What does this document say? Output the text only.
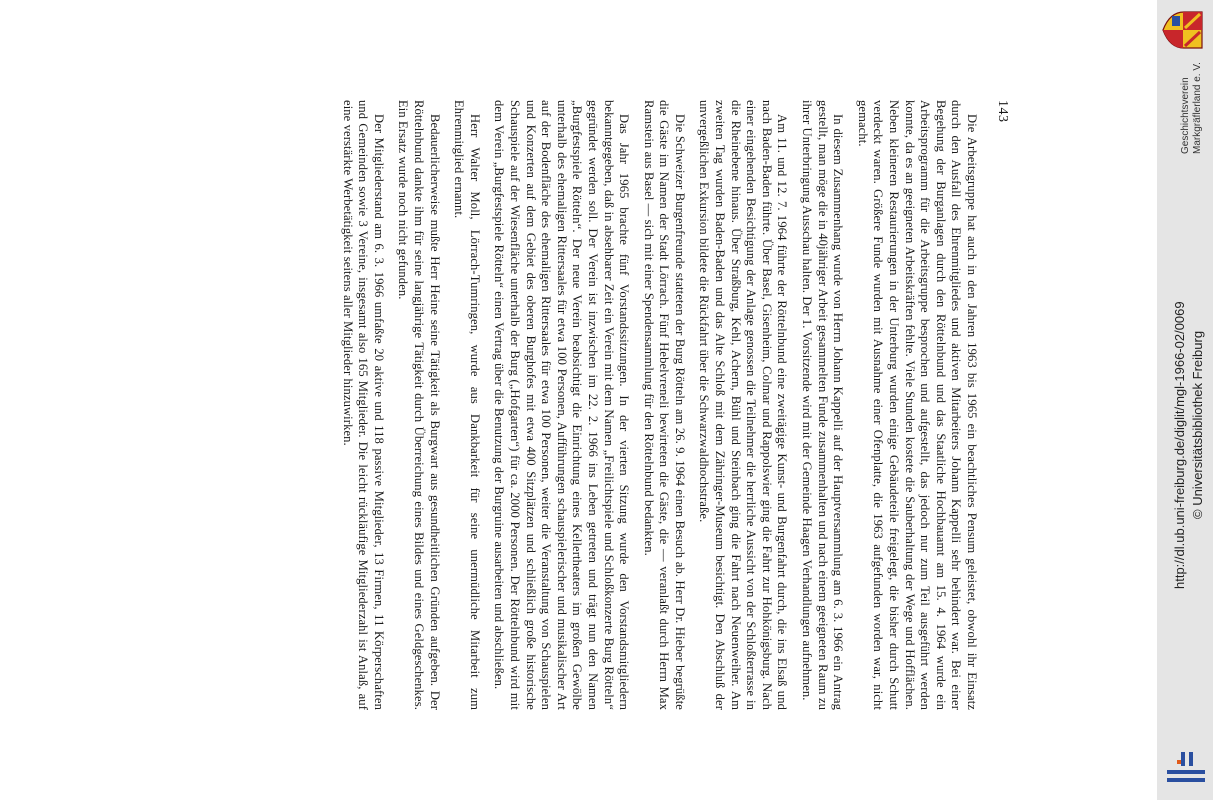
143

Die Arbeitsgruppe hat auch in den Jahren 1963 bis 1965 ein beachtliches Pensum geleistet, obwohl ihr Einsatz durch den Ausfall des Ehrenmitgliedes und aktiven Mitarbeiters Johann Kappelli sehr behindert war. Bei einer Begehung der Burganlagen durch den Röttelnbund und das Staatliche Hochbauamt am 15. 4. 1964 wurde ein Arbeitsprogramm für die Arbeitsgruppe besprochen und aufgestellt, das jedoch nur zum Teil ausgeführt werden konnte, da es an geeigneten Arbeitskräften fehlte. Viele Stunden kostete die Sauberhaltung der Wege und Hofflächen. Neben kleineren Restaurierungen in der Unterburg wurden einige Gebäudeteile freigelegt, die bisher durch Schutt verdeckt waren. Größere Funde wurden mit Ausnahme einer Ofenplatte, die 1963 aufgefunden worden war, nicht gemacht.

In diesem Zusammenhang wurde von Herrn Johann Kappelli auf der Hauptversammlung am 6. 3. 1966 ein Antrag gestellt, man möge die in 40jähriger Arbeit gesammelten Funde zusammenhalten und nach einem geeigneten Raum zu ihrer Unterbringung Ausschau halten. Der 1. Vorsitzende wird mit der Gemeinde Haagen Verhandlungen aufnehmen.

Am 11. und 12. 7. 1964 führte der Röttelnbund eine zweitägige Kunst- und Burgenfahrt durch, die ins Elsaß und nach Baden-Baden führte. Über Basel, Gisenheim, Colmar und Rappolswier ging die Fahrt zur Hohkönigsburg. Nach einer eingehenden Besichtigung der Anlage genossen die Teilnehmer die herrliche Aussicht von der Schloßterrasse in die Rheinebene hinaus. Über Straßburg, Kehl, Achern, Bühl und Steinbach ging die Fahrt nach Neuenweiher. Am zweiten Tag wurden Baden-Baden und das Alte Schloß mit dem Zähringer-Museum besichtigt. Den Abschluß der unvergeßlichen Exkursion bildete die Rückfahrt über die Schwarzwaldhochstraße.

Die Schweizer Burgenfreunde statteten der Burg Rötteln am 26. 9. 1964 einen Besuch ab. Herr Dr. Hieber begrüßte die Gäste im Namen der Stadt Lörrach. Fünf Hebelvreneli bewirteten die Gäste, die — veranlaßt durch Herrn Max Ramstein aus Basel — sich mit einer Spendensammlung für den Röttelnbund bedankten.

Das Jahr 1965 brachte fünf Vorstandssitzungen. In der vierten Sitzung wurde den Vorstandsmitgliedern bekanntgegeben, daß in absehbarer Zeit ein Verein mit dem Namen „Freilichtspiele und Schloßkonzerte Burg Rötteln“ gegründet werden soll. Der Verein ist inzwischen im 22. 2. 1966 ins Leben getreten und trägt nun den Namen „Burgfestspiele Rötteln“. Der neue Verein beabsichtigt die Einrichtung eines Kellertheaters im großen Gewölbe unterhalb des ehemaligen Rittersaales für etwa 100 Personen, Aufführungen schauspielerischer und musikalischer Art auf der Bodenfläche des ehemaligen Rittersaales für etwa 100 Personen, weiter die Veranstaltung von Schauspielen und Konzerten auf dem Gebiet des oberen Burghofes mit etwa 400 Sitzplätzen und schließlich große historische Schauspiele auf der Wiesenfläche unterhalb der Burg („Hofgarten“) für ca. 2000 Personen. Der Röttelnbund wird mit dem Verein „Burgfestspiele Rötteln“ einen Vertrag über die Benutzung der Burgruine ausarbeiten und abschließen.

Herr Walter Moll, Lörrach-Tumringen, wurde aus Dankbarkeit für seine unermüdliche Mitarbeit zum Ehrenmitglied ernannt.

Bedauerlicherweise mußte Herr Heine seine Tätigkeit als Burgwart aus gesundheitlichen Gründen aufgeben. Der Röttelnbund dankte ihm für seine langjährige Tätigkeit durch Überreichung eines Bildes und eines Geldgeschenkes. Ein Ersatz wurde noch nicht gefunden.

Der Mitgliederstand am 6. 3. 1966 umfaßte 20 aktive und 118 passive Mitglieder, 13 Firmen, 11 Körperschaften und Gemeinden sowie 3 Vereine, insgesamt also 165 Mitglieder. Die leicht rückläufige Mitgliederzahl ist Anlaß, auf eine verstärkte Werbetätigkeit seitens aller Mitglieder hinzuwirken.	http://dl.ub.uni-freiburg.de/diglit/mgl-1966-02/0069 © Universitätsbibliothek Freiburg
Geschichtsverein Markgräflerland e. V.
